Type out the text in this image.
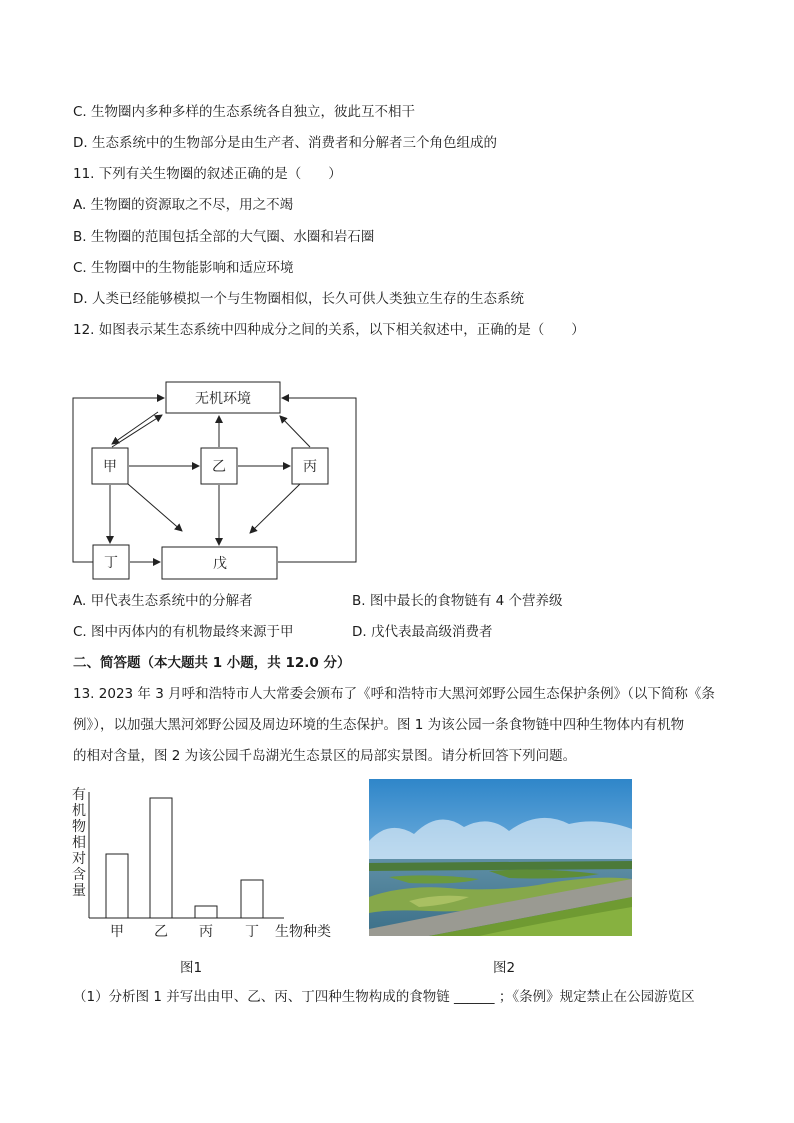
C. 生物圈内多种多样的生态系统各自独立，彼此互不相干
D. 生态系统中的生物部分是由生产者、消费者和分解者三个角色组成的
11. 下列有关生物圈的叙述正确的是（　　）
A. 生物圈的资源取之不尽，用之不竭
B. 生物圈的范围包括全部的大气圈、水圈和岩石圈
C. 生物圈中的生物能影响和适应环境
D. 人类已经能够模拟一个与生物圈相似，长久可供人类独立生存的生态系统
12. 如图表示某生态系统中四种成分之间的关系，以下相关叙述中，正确的是（　　）
无机环境
甲	乙	丙
丁	戊
A. 甲代表生态系统中的分解者	B. 图中最长的食物链有 4 个营养级
C. 图中丙体内的有机物最终来源于甲	D. 戊代表最高级消费者
二、简答题（本大题共 1 小题，共 12.0 分）
13. 2023 年 3 月呼和浩特市人大常委会颁布了《呼和浩特市大黑河郊野公园生态保护条例》（以下简称《条
例》），以加强大黑河郊野公园及周边环境的生态保护。图 1 为该公园一条食物链中四种生物体内有机物
的相对含量，图 2 为该公园千岛湖光生态景区的局部实景图。请分析回答下列问题。
有
机
物
相
对
含
量
甲 乙 丙 丁 生物种类
图1	图2
（1）分析图 1 并写出由甲、乙、丙、丁四种生物构成的食物链 ______ ；《条例》规定禁止在公园游览区
